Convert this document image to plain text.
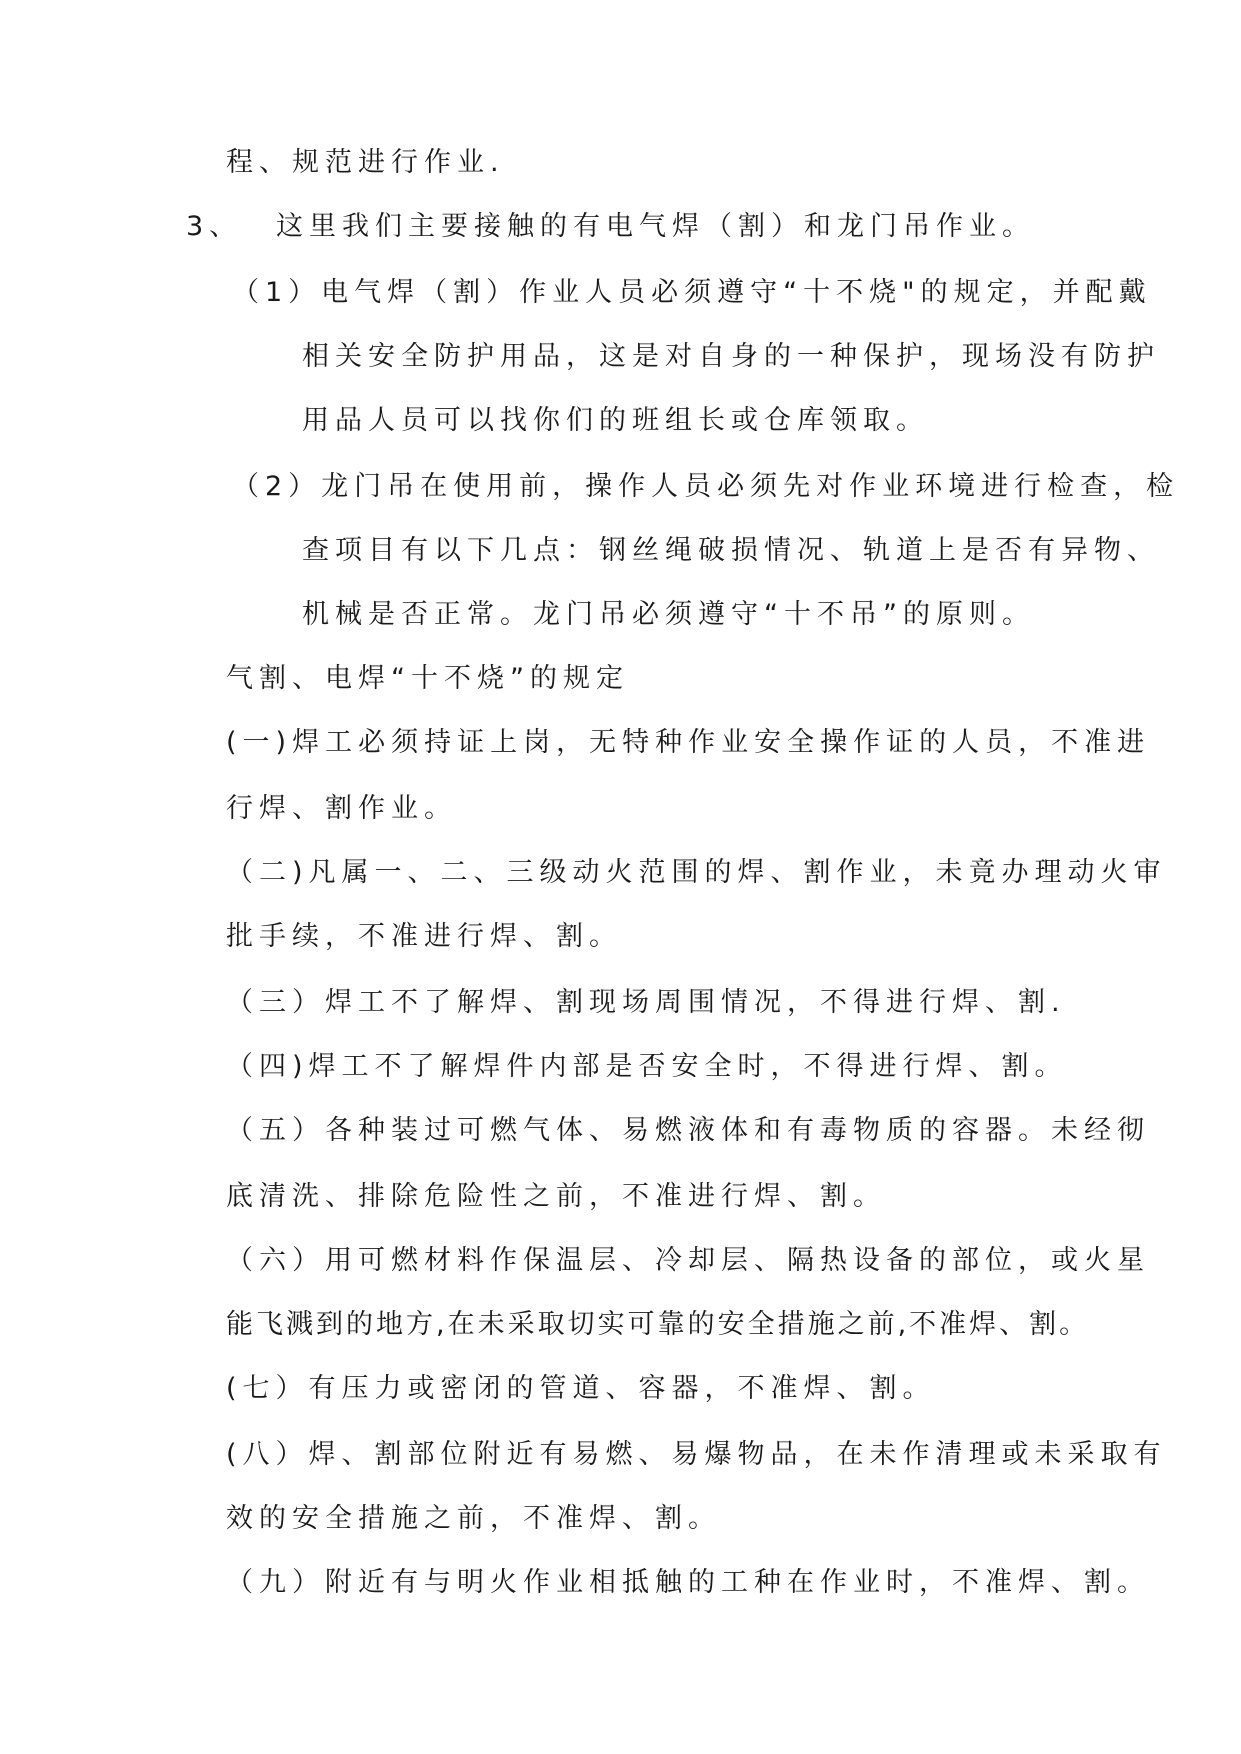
程、规范进行作业.
3、 这里我们主要接触的有电气焊（割）和龙门吊作业。
（1）电气焊（割）作业人员必须遵守“十不烧"的规定，并配戴
相关安全防护用品，这是对自身的一种保护，现场没有防护
用品人员可以找你们的班组长或仓库领取。
（2）龙门吊在使用前，操作人员必须先对作业环境进行检查，检
查项目有以下几点：钢丝绳破损情况、轨道上是否有异物、
机械是否正常。龙门吊必须遵守“十不吊”的原则。
气割、电焊“十不烧”的规定
(一)焊工必须持证上岗，无特种作业安全操作证的人员，不准进
行焊、割作业。
（二)凡属一、二、三级动火范围的焊、割作业，未竟办理动火审
批手续，不准进行焊、割。
（三）焊工不了解焊、割现场周围情况，不得进行焊、割.
（四)焊工不了解焊件内部是否安全时，不得进行焊、割。
（五）各种装过可燃气体、易燃液体和有毒物质的容器。未经彻
底清洗、排除危险性之前，不准进行焊、割。
（六）用可燃材料作保温层、冷却层、隔热设备的部位，或火星
能飞溅到的地方,在未采取切实可靠的安全措施之前,不准焊、割。
(七）有压力或密闭的管道、容器，不准焊、割。
(八）焊、割部位附近有易燃、易爆物品，在未作清理或未采取有
效的安全措施之前，不准焊、割。
（九）附近有与明火作业相抵触的工种在作业时，不准焊、割。
